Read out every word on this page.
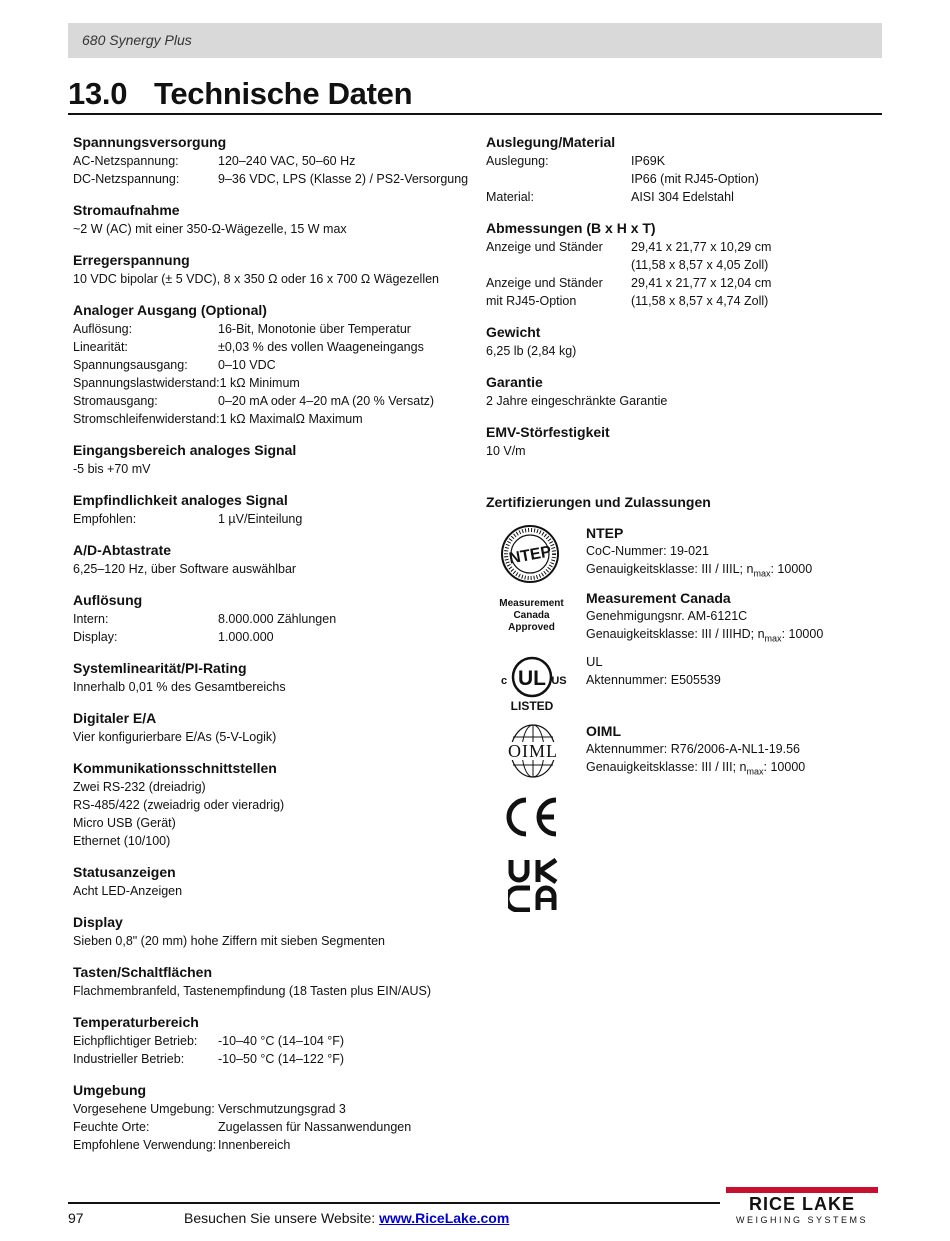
680 Synergy Plus
13.0 Technische Daten
Spannungsversorgung
AC-Netzspannung:	120–240 VAC, 50–60 Hz
DC-Netzspannung:	9–36 VDC, LPS (Klasse 2) / PS2-Versorgung
Stromaufnahme
~2 W (AC) mit einer 350-Ω-Wägezelle, 15 W max
Erregerspannung
10 VDC bipolar (± 5 VDC), 8 x 350 Ω oder 16 x 700 Ω Wägezellen
Analoger Ausgang (Optional)
Auflösung:	16-Bit, Monotonie über Temperatur
Linearität:	±0,03 % des vollen Waageneingangs
Spannungsausgang:	0–10 VDC
Spannungslastwiderstand: 1 kΩ Minimum
Stromausgang:	0–20 mA oder 4–20 mA (20 % Versatz)
Stromschleifenwiderstand: 1 kΩ MaximalΩ Maximum
Eingangsbereich analoges Signal
-5 bis +70 mV
Empfindlichkeit analoges Signal
Empfohlen:	1 µV/Einteilung
A/D-Abtastrate
6,25–120 Hz, über Software auswählbar
Auflösung
Intern:	8.000.000 Zählungen
Display:	1.000.000
Systemlinearität/PI-Rating
Innerhalb 0,01 % des Gesamtbereichs
Digitaler E/A
Vier konfigurierbare E/As (5-V-Logik)
Kommunikationsschnittstellen
Zwei RS-232 (dreiadrig)
RS-485/422 (zweiadrig oder vieradrig)
Micro USB (Gerät)
Ethernet (10/100)
Statusanzeigen
Acht LED-Anzeigen
Display
Sieben 0,8" (20 mm) hohe Ziffern mit sieben Segmenten
Tasten/Schaltflächen
Flachmembranfeld, Tastenempfindung (18 Tasten plus EIN/AUS)
Temperaturbereich
Eichpflichtiger Betrieb:	-10–40 °C (14–104 °F)
Industrieller Betrieb:	-10–50 °C (14–122 °F)
Umgebung
Vorgesehene Umgebung: Verschmutzungsgrad 3
Feuchte Orte:	Zugelassen für Nassanwendungen
Empfohlene Verwendung: Innenbereich
Auslegung/Material
Auslegung:	IP69K
IP66 (mit RJ45-Option)
Material:	AISI 304 Edelstahl
Abmessungen (B x H x T)
Anzeige und Ständer	29,41 x 21,77 x 10,29 cm
(11,58 x 8,57 x 4,05 Zoll)
Anzeige und Ständer	29,41 x 21,77 x 12,04 cm
mit RJ45-Option	(11,58 x 8,57 x 4,74 Zoll)
Gewicht
6,25 lb (2,84 kg)
Garantie
2 Jahre eingeschränkte Garantie
EMV-Störfestigkeit
10 V/m
Zertifizierungen und Zulassungen
NTEP
NTEP
CoC-Nummer: 19-021
Genauigkeitsklasse: III / IIIL; $n_{max}$: 10000
Measurement
Canada
Approved
Measurement Canada
Genehmigungsnr. AM-6121C
Genauigkeitsklasse: III / IIIHD; $n_{max}$: 10000
UL
c	US
LISTED
UL
Aktennummer: E505539
OIML
OIML
Aktennummer: R76/2006-A-NL1-19.56
Genauigkeitsklasse: III / III; $n_{max}$: 10000
97	Besuchen Sie unsere Website: www.RiceLake.com
RICE LAKE
WEIGHING SYSTEMS
